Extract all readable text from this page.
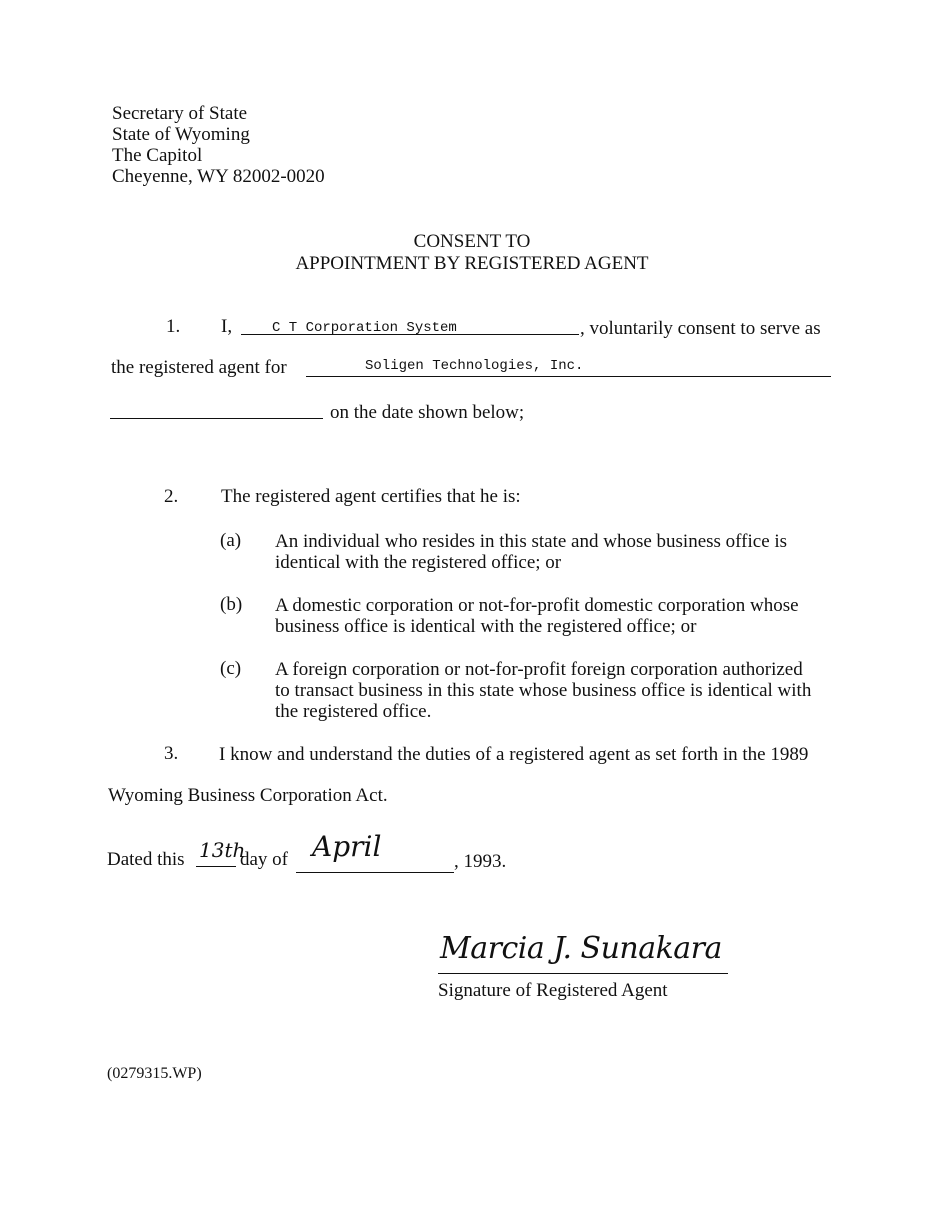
Secretary of State
State of Wyoming
The Capitol
Cheyenne, WY 82002-0020
CONSENT TO
APPOINTMENT BY REGISTERED AGENT
1. I,	C T Corporation System	, voluntarily consent to serve as
the registered agent for	Soligen Technologies, Inc.
on the date shown below;
2. The registered agent certifies that he is:
(a) An individual who resides in this state and whose business office is
identical with the registered office; or
(b) A domestic corporation or not-for-profit domestic corporation whose
business office is identical with the registered office; or
(c) A foreign corporation or not-for-profit foreign corporation authorized
to transact business in this state whose business office is identical with
the registered office.
3. I know and understand the duties of a registered agent as set forth in the 1989
Wyoming Business Corporation Act.
Dated this 13th
day of April	, 1993.
Marcia J. Sunakara
Signature of Registered Agent
(0279315.WP)
